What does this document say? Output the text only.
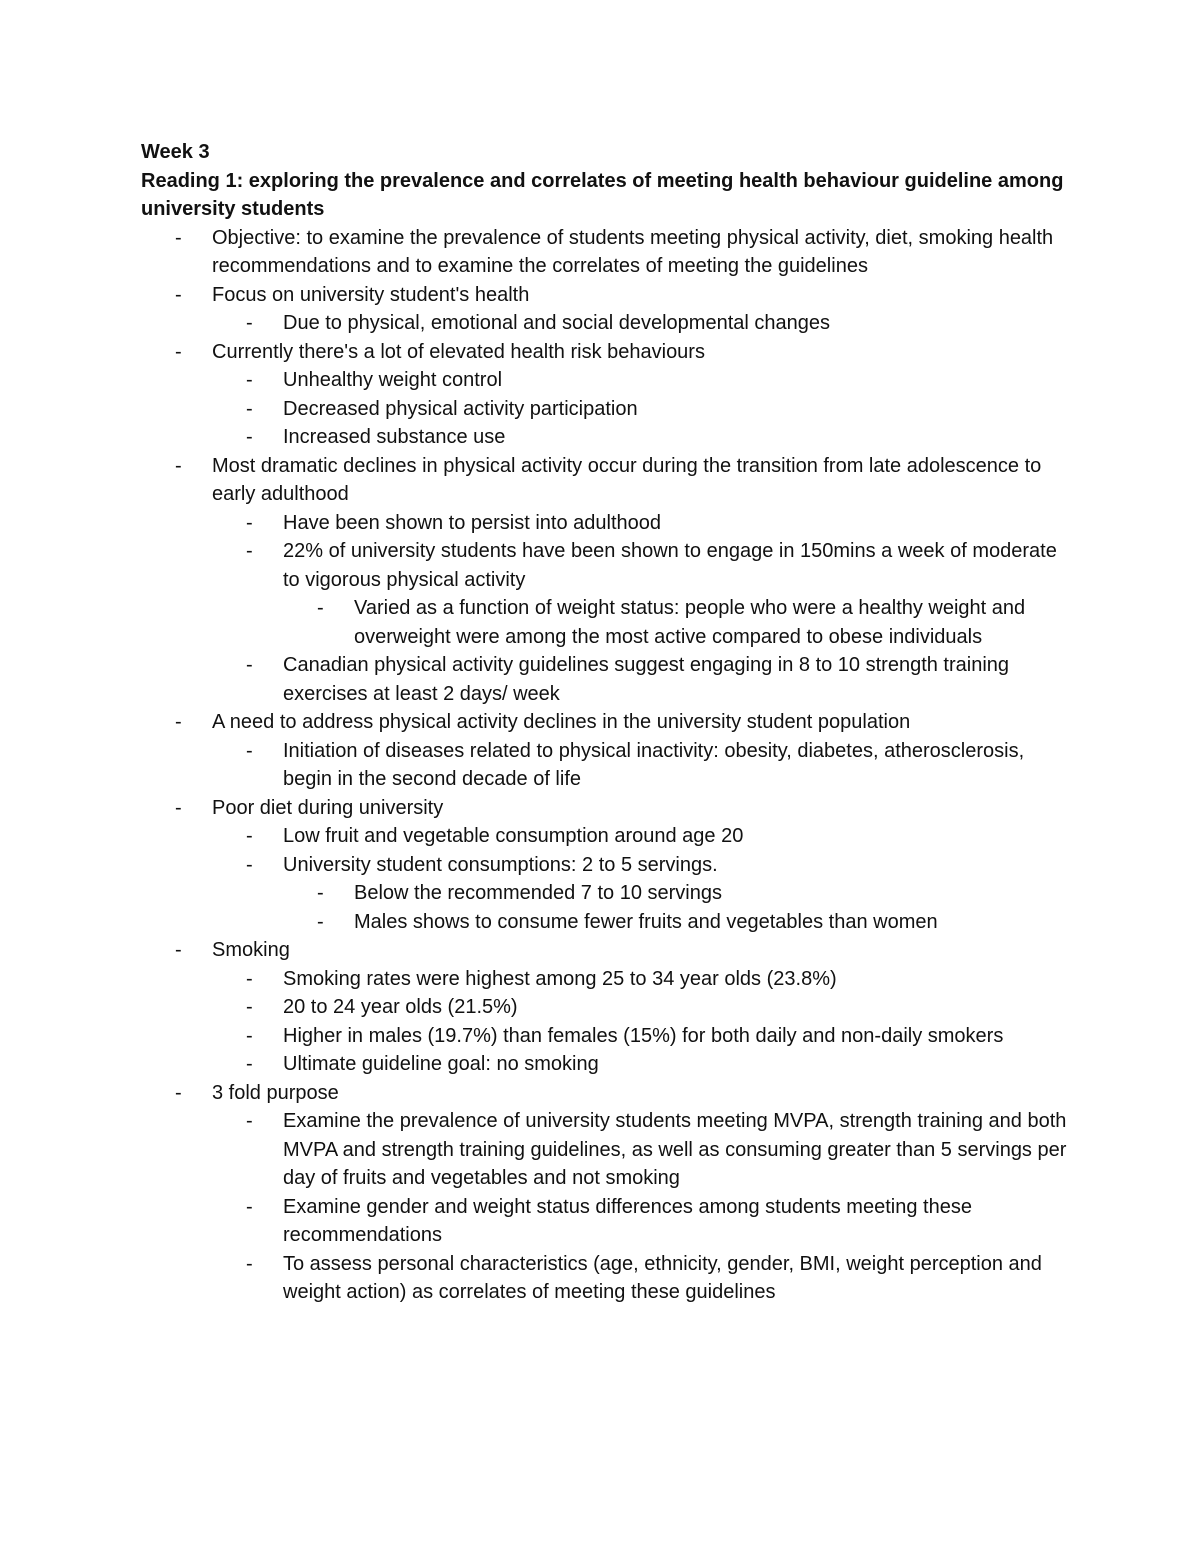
Week 3

Reading 1: exploring the prevalence and correlates of meeting health behaviour guideline among university students

-	Objective: to examine the prevalence of students meeting physical activity, diet, smoking health recommendations and to examine the correlates of meeting the guidelines
-	Focus on university student's health
-	Due to physical, emotional and social developmental changes
-	Currently there's a lot of elevated health risk behaviours
-	Unhealthy weight control
-	Decreased physical activity participation
-	Increased substance use
-	Most dramatic declines in physical activity occur during the transition from late adolescence to early adulthood
-	Have been shown to persist into adulthood
-	22% of university students have been shown to engage in 150mins a week of moderate to vigorous physical activity
-	Varied as a function of weight status: people who were a healthy weight and overweight were among the most active compared to obese individuals
-	Canadian physical activity guidelines suggest engaging in 8 to 10 strength training exercises at least 2 days/ week
-	A need to address physical activity declines in the university student population
-	Initiation of diseases related to physical inactivity: obesity, diabetes, atherosclerosis, begin in the second decade of life
-	Poor diet during university
-	Low fruit and vegetable consumption around age 20
-	University student consumptions: 2 to 5 servings.
-	Below the recommended 7 to 10 servings
-	Males shows to consume fewer fruits and vegetables than women
-	Smoking
-	Smoking rates were highest among 25 to 34 year olds (23.8%)
-	20 to 24 year olds (21.5%)
-	Higher in males (19.7%) than females (15%) for both daily and non-daily smokers
-	Ultimate guideline goal: no smoking
-	3 fold purpose
-	Examine the prevalence of university students meeting MVPA, strength training and both MVPA and strength training guidelines, as well as consuming greater than 5 servings per day of fruits and vegetables and not smoking
-	Examine gender and weight status differences among students meeting these recommendations
-	To assess personal characteristics (age, ethnicity, gender, BMI, weight perception and weight action) as correlates of meeting these guidelines
